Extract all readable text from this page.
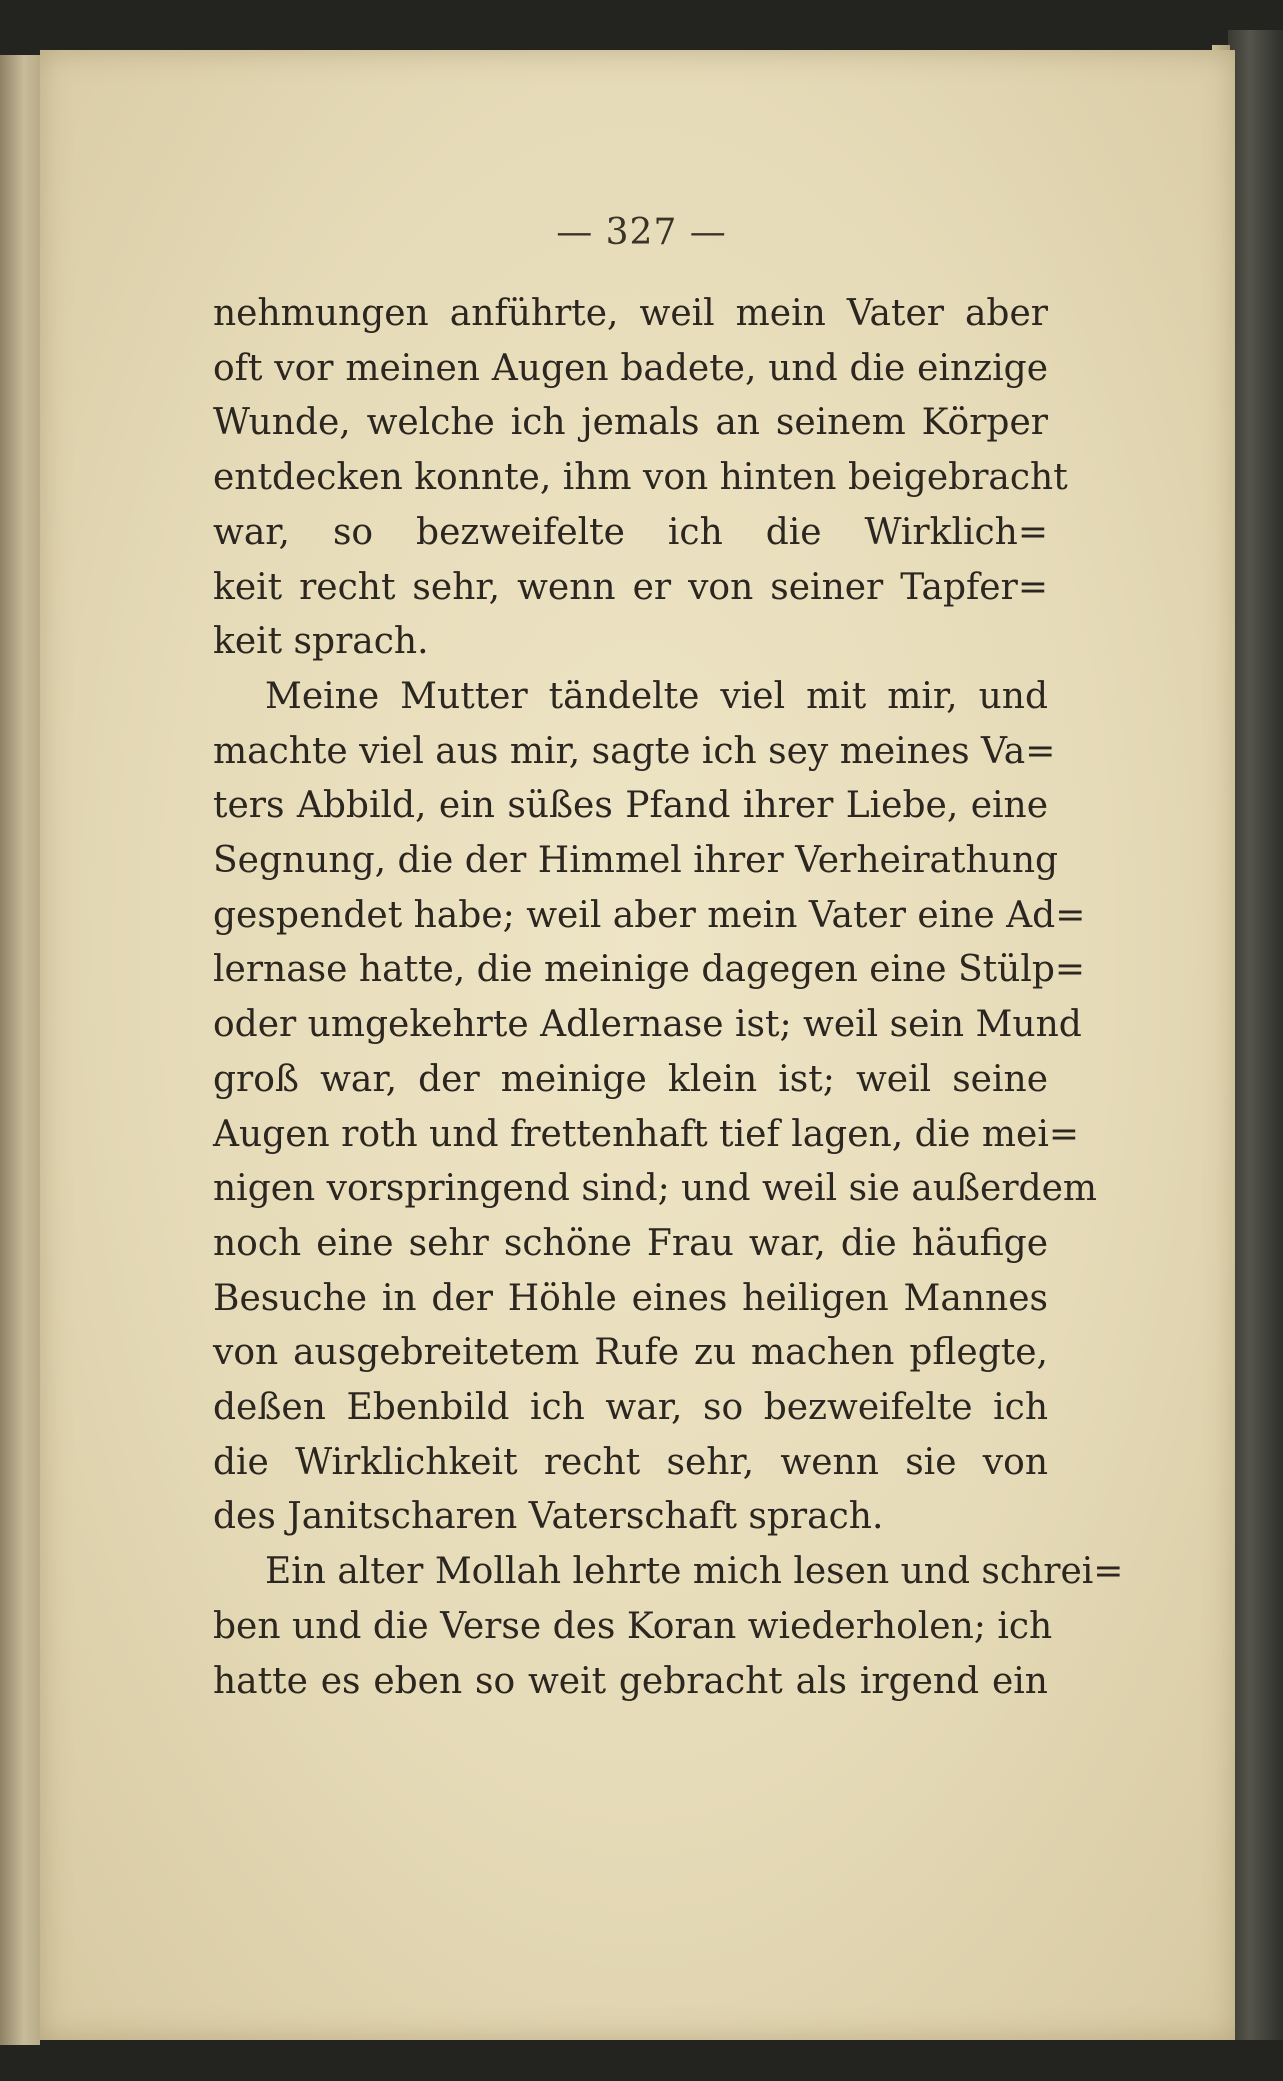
— 327 —
nehmungen anführte, weil mein Vater aber
oft vor meinen Augen badete, und die einzige
Wunde, welche ich jemals an seinem Körper
entdecken konnte, ihm von hinten beigebracht
war, so bezweifelte ich die Wirklich=
keit recht sehr, wenn er von seiner Tapfer=
keit sprach.
Meine Mutter tändelte viel mit mir, und
machte viel aus mir, sagte ich sey meines Va=
ters Abbild, ein süßes Pfand ihrer Liebe, eine
Segnung, die der Himmel ihrer Verheirathung
gespendet habe; weil aber mein Vater eine Ad=
lernase hatte, die meinige dagegen eine Stülp=
oder umgekehrte Adlernase ist; weil sein Mund
groß war, der meinige klein ist; weil seine
Augen roth und frettenhaft tief lagen, die mei=
nigen vorspringend sind; und weil sie außerdem
noch eine sehr schöne Frau war, die häufige
Besuche in der Höhle eines heiligen Mannes
von ausgebreitetem Rufe zu machen pflegte,
deßen Ebenbild ich war, so bezweifelte ich
die Wirklichkeit recht sehr, wenn sie von
des Janitscharen Vaterschaft sprach.
Ein alter Mollah lehrte mich lesen und schrei=
ben und die Verse des Koran wiederholen; ich
hatte es eben so weit gebracht als irgend ein
